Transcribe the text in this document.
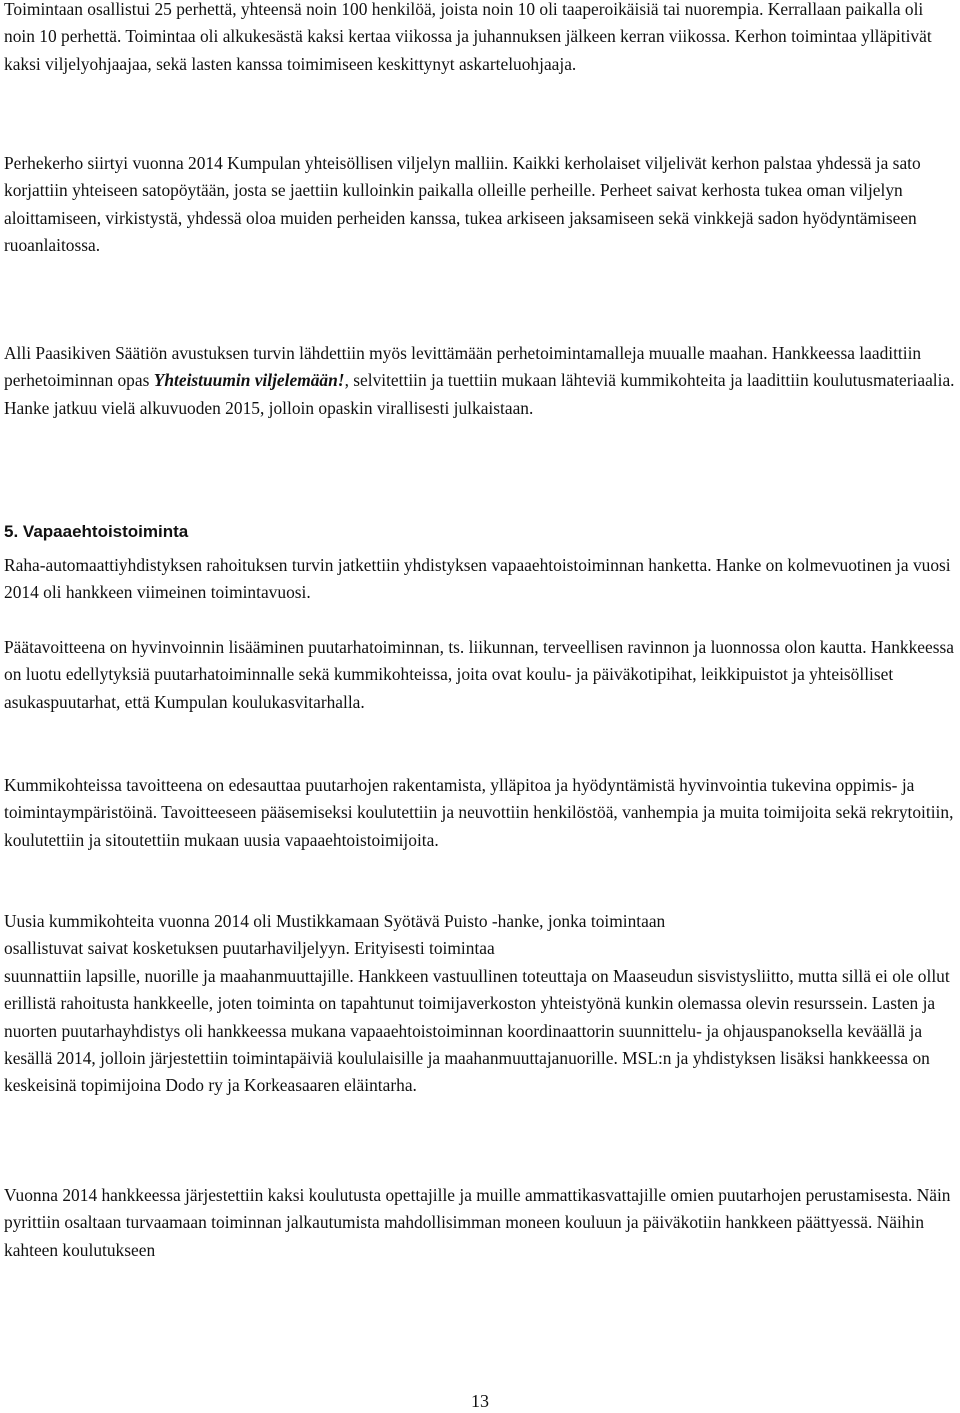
Toimintaan osallistui 25 perhettä, yhteensä noin 100 henkilöä, joista noin 10 oli taaperoikäisiä tai nuorempia. Kerrallaan paikalla oli noin 10 perhettä. Toimintaa oli alkukesästä kaksi kertaa viikossa ja juhannuksen jälkeen kerran viikossa. Kerhon toimintaa ylläpitivät kaksi viljelyohjaajaa, sekä lasten kanssa toimimiseen keskittynyt askarteluohjaaja.

Perhekerho siirtyi vuonna 2014 Kumpulan yhteisöllisen viljelyn malliin. Kaikki kerholaiset viljelivät kerhon palstaa yhdessä ja sato korjattiin yhteiseen satopöytään, josta se jaettiin kulloinkin paikalla olleille perheille. Perheet saivat kerhosta tukea oman viljelyn aloittamiseen, virkistystä, yhdessä oloa muiden perheiden kanssa, tukea arkiseen jaksamiseen sekä vinkkejä sadon hyödyntämiseen ruoanlaitossa.

Alli Paasikiven Säätiön avustuksen turvin lähdettiin myös levittämään perhetoimintamalleja muualle maahan. Hankkeessa laadittiin perhetoiminnan opas Yhteistuumin viljelemään!, selvitettiin ja tuettiin mukaan lähteviä kummikohteita ja laadittiin koulutusmateriaalia. Hanke jatkuu vielä alkuvuoden 2015, jolloin opaskin virallisesti julkaistaan.

5. Vapaaehtoistoiminta

Raha-automaattiyhdistyksen rahoituksen turvin jatkettiin yhdistyksen vapaaehtoistoiminnan hanketta. Hanke on kolmevuotinen ja vuosi 2014 oli hankkeen viimeinen toimintavuosi.

Päätavoitteena on hyvinvoinnin lisääminen puutarhatoiminnan, ts. liikunnan, terveellisen ravinnon ja luonnossa olon kautta. Hankkeessa on luotu edellytyksiä puutarhatoiminnalle sekä kummikohteissa, joita ovat koulu- ja päiväkotipihat, leikkipuistot ja yhteisölliset asukaspuutarhat, että Kumpulan koulukasvitarhalla.

Kummikohteissa tavoitteena on edesauttaa puutarhojen rakentamista, ylläpitoa ja hyödyntämistä hyvinvointia tukevina oppimis- ja toimintaympäristöinä. Tavoitteeseen pääsemiseksi koulutettiin ja neuvottiin henkilöstöä, vanhempia ja muita toimijoita sekä rekrytoitiin, koulutettiin ja sitoutettiin mukaan uusia vapaaehtoistoimijoita.

Uusia kummikohteita vuonna 2014 oli Mustikkamaan Syötävä Puisto -hanke, jonka toimintaan
osallistuvat saivat kosketuksen puutarhaviljelyyn. Erityisesti toimintaa
suunnattiin lapsille, nuorille ja maahanmuuttajille. Hankkeen vastuullinen toteuttaja on Maaseudun sisvistysliitto, mutta sillä ei ole ollut erillistä rahoitusta hankkeelle, joten toiminta on tapahtunut toimijaverkoston yhteistyönä kunkin olemassa olevin resurssein. Lasten ja nuorten puutarhayhdistys oli hankkeessa mukana vapaaehtoistoiminnan koordinaattorin suunnittelu- ja ohjauspanoksella keväällä ja kesällä 2014, jolloin järjestettiin toimintapäiviä koululaisille ja maahanmuuttajanuorille. MSL:n ja yhdistyksen lisäksi hankkeessa on keskeisinä topimijoina Dodo ry ja Korkeasaaren eläintarha.

Vuonna 2014 hankkeessa järjestettiin kaksi koulutusta opettajille ja muille ammattikasvattajille omien puutarhojen perustamisesta. Näin pyrittiin osaltaan turvaamaan toiminnan jalkautumista mahdollisimman moneen kouluun ja päiväkotiin hankkeen päättyessä. Näihin kahteen koulutukseen

13
